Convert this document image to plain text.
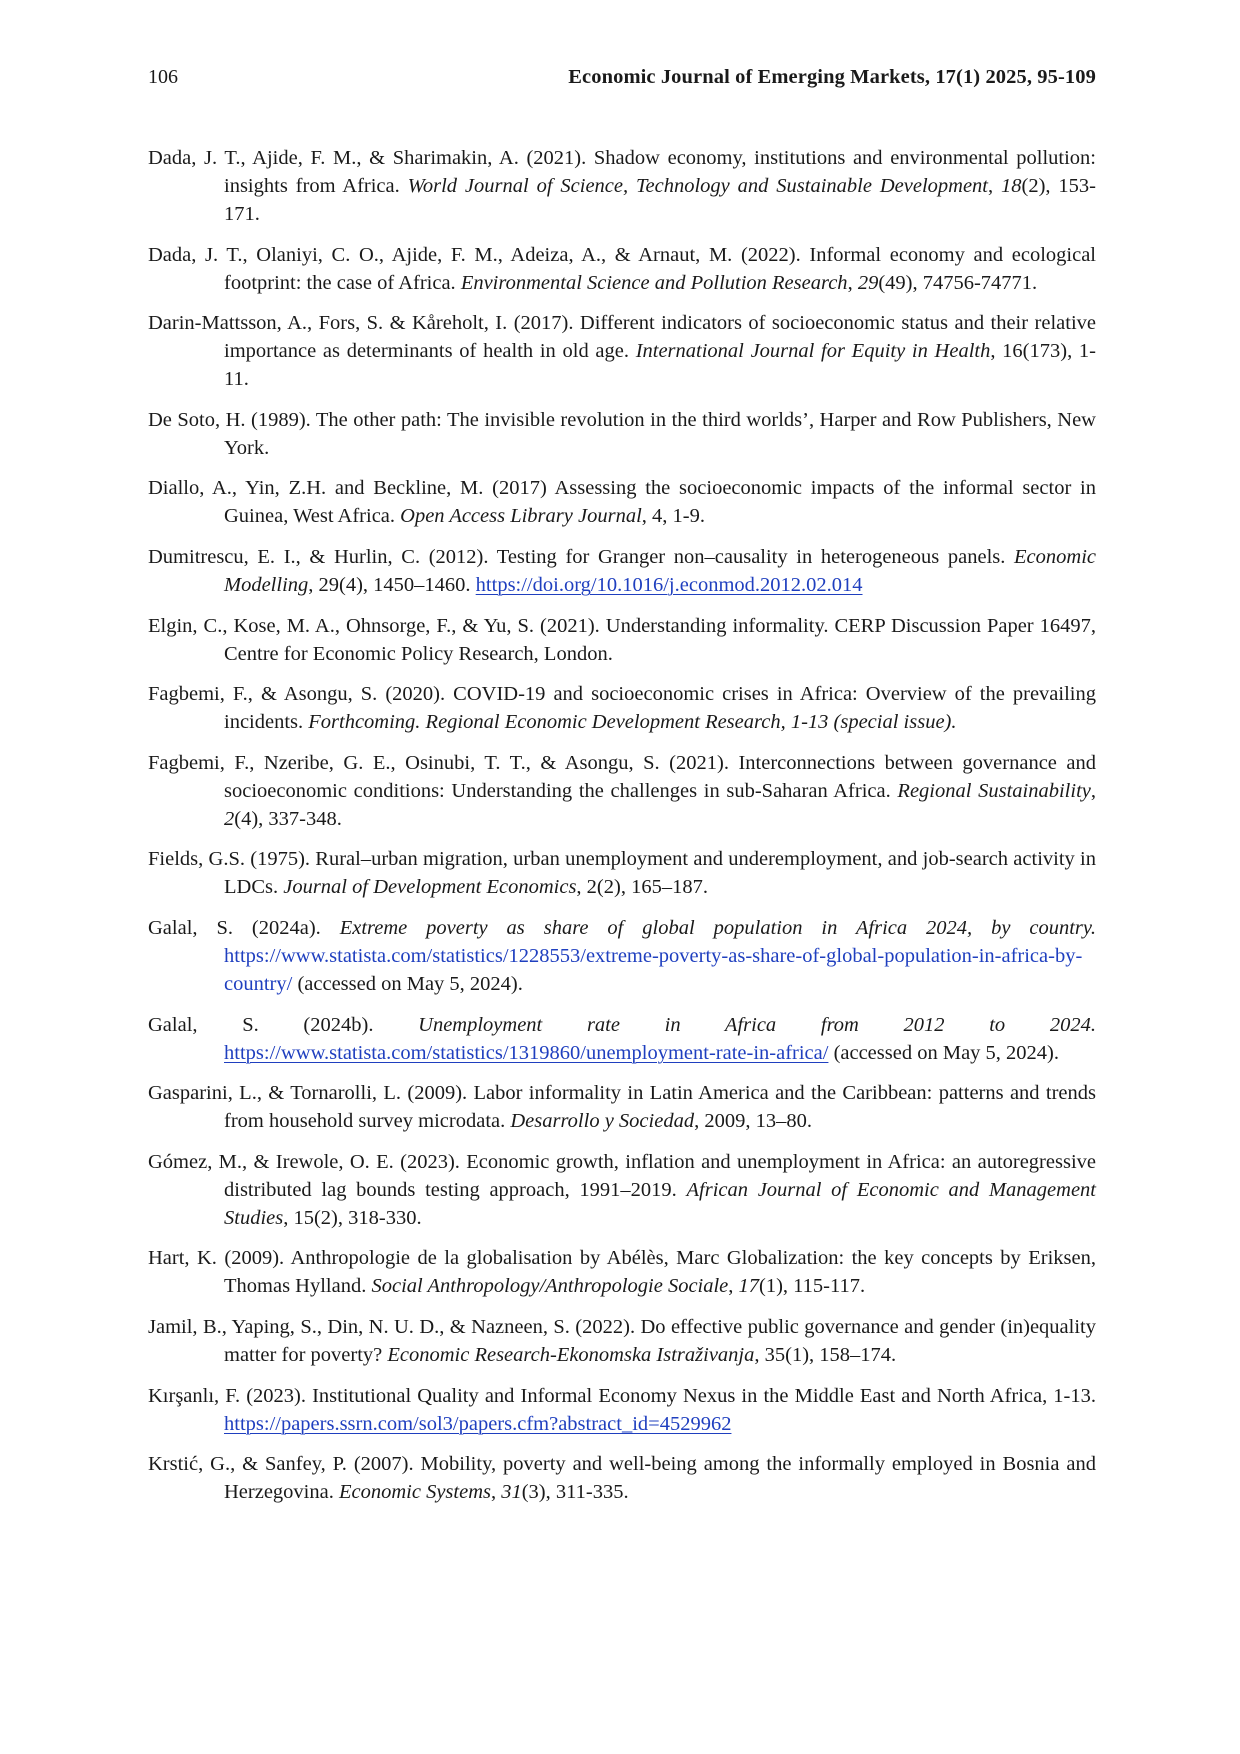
106	Economic Journal of Emerging Markets, 17(1) 2025, 95-109

Dada, J. T., Ajide, F. M., & Sharimakin, A. (2021). Shadow economy, institutions and environmental pollution: insights from Africa. World Journal of Science, Technology and Sustainable Development, 18(2), 153-171.

Dada, J. T., Olaniyi, C. O., Ajide, F. M., Adeiza, A., & Arnaut, M. (2022). Informal economy and ecological footprint: the case of Africa. Environmental Science and Pollution Research, 29(49), 74756-74771.

Darin-Mattsson, A., Fors, S. & Kåreholt, I. (2017). Different indicators of socioeconomic status and their relative importance as determinants of health in old age. International Journal for Equity in Health, 16(173), 1-11.

De Soto, H. (1989). The other path: The invisible revolution in the third worlds’, Harper and Row Publishers, New York.

Diallo, A., Yin, Z.H. and Beckline, M. (2017) Assessing the socioeconomic impacts of the informal sector in Guinea, West Africa. Open Access Library Journal, 4, 1-9.

Dumitrescu, E. I., & Hurlin, C. (2012). Testing for Granger non–causality in heterogeneous panels. Economic Modelling, 29(4), 1450–1460. https://doi.org/10.1016/j.econmod.2012.02.014

Elgin, C., Kose, M. A., Ohnsorge, F., & Yu, S. (2021). Understanding informality. CERP Discussion Paper 16497, Centre for Economic Policy Research, London.

Fagbemi, F., & Asongu, S. (2020). COVID-19 and socioeconomic crises in Africa: Overview of the prevailing incidents. Forthcoming. Regional Economic Development Research, 1-13 (special issue).

Fagbemi, F., Nzeribe, G. E., Osinubi, T. T., & Asongu, S. (2021). Interconnections between governance and socioeconomic conditions: Understanding the challenges in sub-Saharan Africa. Regional Sustainability, 2(4), 337-348.

Fields, G.S. (1975). Rural–urban migration, urban unemployment and underemployment, and job-search activity in LDCs. Journal of Development Economics, 2(2), 165–187.

Galal, S. (2024a). Extreme poverty as share of global population in Africa 2024, by country. https://www.statista.com/statistics/1228553/extreme-poverty-as-share-of-global-population-in-africa-by-country/ (accessed on May 5, 2024).

Galal, S. (2024b). Unemployment rate in Africa from 2012 to 2024. https://www.statista.com/statistics/1319860/unemployment-rate-in-africa/ (accessed on May 5, 2024).

Gasparini, L., & Tornarolli, L. (2009). Labor informality in Latin America and the Caribbean: patterns and trends from household survey microdata. Desarrollo y Sociedad, 2009, 13–80.

Gómez, M., & Irewole, O. E. (2023). Economic growth, inflation and unemployment in Africa: an autoregressive distributed lag bounds testing approach, 1991–2019. African Journal of Economic and Management Studies, 15(2), 318-330.

Hart, K. (2009). Anthropologie de la globalisation by Abélès, Marc Globalization: the key concepts by Eriksen, Thomas Hylland. Social Anthropology/Anthropologie Sociale, 17(1), 115-117.

Jamil, B., Yaping, S., Din, N. U. D., & Nazneen, S. (2022). Do effective public governance and gender (in)equality matter for poverty? Economic Research-Ekonomska Istraživanja, 35(1), 158–174.

Kırşanlı, F. (2023). Institutional Quality and Informal Economy Nexus in the Middle East and North Africa, 1-13. https://papers.ssrn.com/sol3/papers.cfm?abstract_id=4529962

Krstić, G., & Sanfey, P. (2007). Mobility, poverty and well-being among the informally employed in Bosnia and Herzegovina. Economic Systems, 31(3), 311-335.
